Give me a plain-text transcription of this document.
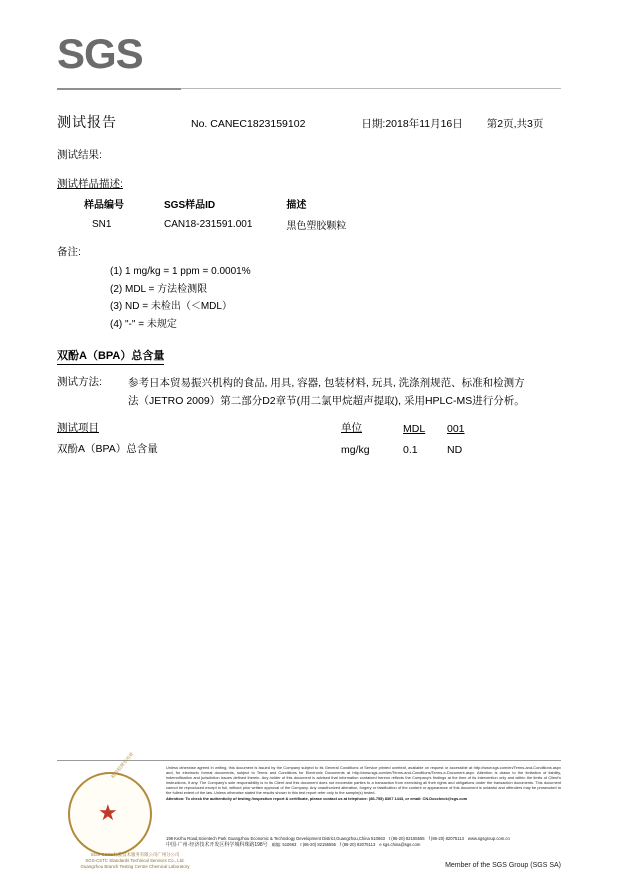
SGS
测试报告	No. CANEC1823159102	日期:2018年11月16日 第2页,共3页
测试结果:
测试样品描述:
样品编号	SGS样品ID	描述
SN1	CAN18-231591.001	黑色塑胶颗粒
备注:
(1) 1 mg/kg = 1 ppm = 0.0001%
(2) MDL = 方法检测限
(3) ND = 未检出（＜MDL）
(4) "-" = 未规定
双酚A（BPA）总含量
测试方法: 参考日本贸易振兴机构的食品, 用具, 容器, 包装材料, 玩具, 洗涤剂规范、标准和检测方
法（JETRO 2009）第二部分D2章节(用二氯甲烷超声提取), 采用HPLC-MS进行分析。
测试项目	单位	MDL	001
双酚A（BPA）总含量	mg/kg	0.1	ND
★
检验检测专用章
SGS-CSTC标准技术服务有限公司广州分公司
SGS-CSTC Standards Technical Services Co., Ltd.
Guangzhou Branch Testing Centre Chemical Laboratory
Unless otherwise agreed in writing, this document is issued by the Company subject to its General Conditions of Service printed overleaf, available on request or accessible at http://www.sgs.com/en/Terms-and-Conditions.aspx and, for electronic format documents, subject to Terms and Conditions for Electronic Documents at http://www.sgs.com/en/Terms-and-Conditions/Terms-e-Document.aspx. Attention is drawn to the limitation of liability, indemnification and jurisdiction issues defined therein. Any holder of this document is advised that information contained hereon reflects the Company's findings at the time of its intervention only and within the limits of Client's instructions, if any. The Company's sole responsibility is to its Client and this document does not exonerate parties to a transaction from exercising all their rights and obligations under the transaction documents. This document cannot be reproduced except in full, without prior written approval of the Company. Any unauthorized alteration, forgery or falsification of the content or appearance of this document is unlawful and offenders may be prosecuted to the fullest extent of the law. Unless otherwise stated the results shown in this test report refer only to the sample(s) tested.
Attention: To check the authenticity of testing /inspection report & certificate, please contact us at telephone: (86-755) 8307 1443, or email: CN.Doccheck@sgs.com
198 Kezhu Road,Scientech Park Guangzhou Economic & Technology Development District,Guangzhou,China 510663 t (86-20) 82155555 f (86-20) 82075113 www.sgsgroup.com.cn
中国·广州·经济技术开发区科学城科珠路198号 邮编: 510663 t (86-20) 82155555 f (86-20) 82075113 e sgs.china@sgs.com
Member of the SGS Group (SGS SA)
